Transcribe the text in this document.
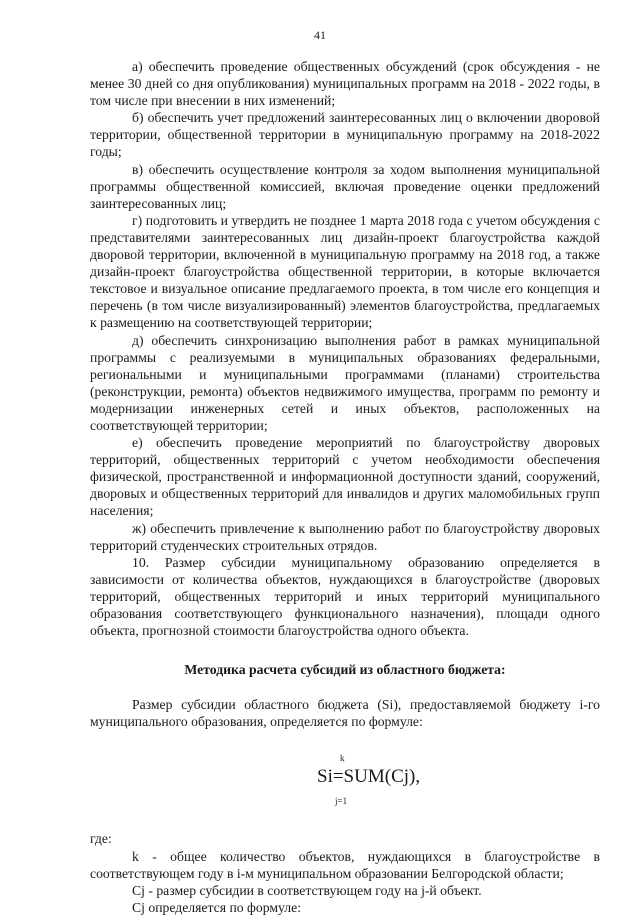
41

а) обеспечить проведение общественных обсуждений (срок обсуждения - не менее 30 дней со дня опубликования) муниципальных программ на 2018 - 2022 годы, в том числе при внесении в них изменений;

б) обеспечить учет предложений заинтересованных лиц о включении дворовой территории, общественной территории в муниципальную программу на 2018-2022 годы;

в) обеспечить осуществление контроля за ходом выполнения муниципальной программы общественной комиссией, включая проведение оценки предложений заинтересованных лиц;

г) подготовить и утвердить не позднее 1 марта 2018 года с учетом обсуждения с представителями заинтересованных лиц дизайн-проект благоустройства каждой дворовой территории, включенной в муниципальную программу на 2018 год, а также дизайн-проект благоустройства общественной территории, в которые включается текстовое и визуальное описание предлагаемого проекта, в том числе его концепция и перечень (в том числе визуализированный) элементов благоустройства, предлагаемых к размещению на соответствующей территории;

д) обеспечить синхронизацию выполнения работ в рамках муниципальной программы с реализуемыми в муниципальных образованиях федеральными, региональными и муниципальными программами (планами) строительства (реконструкции, ремонта) объектов недвижимого имущества, программ по ремонту и модернизации инженерных сетей и иных объектов, расположенных на соответствующей территории;

е) обеспечить проведение мероприятий по благоустройству дворовых территорий, общественных территорий с учетом необходимости обеспечения физической, пространственной и информационной доступности зданий, сооружений, дворовых и общественных территорий для инвалидов и других маломобильных групп населения;

ж) обеспечить привлечение к выполнению работ по благоустройству дворовых территорий студенческих строительных отрядов.

10. Размер субсидии муниципальному образованию определяется в зависимости от количества объектов, нуждающихся в благоустройстве (дворовых территорий, общественных территорий и иных территорий муниципального образования соответствующего функционального назначения), площади одного объекта, прогнозной стоимости благоустройства одного объекта.

Методика расчета субсидий из областного бюджета:

Размер субсидии областного бюджета (Si), предоставляемой бюджету i-го муниципального образования, определяется по формуле:

k
Si=SUM(Cj),
j=1

где:

k - общее количество объектов, нуждающихся в благоустройстве в соответствующем году в i-м муниципальном образовании Белгородской области;

Cj - размер субсидии в соответствующем году на j-й объект.

Cj определяется по формуле:
